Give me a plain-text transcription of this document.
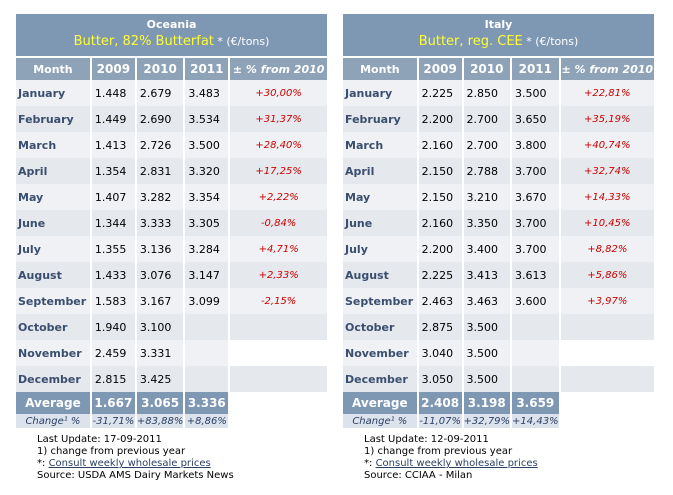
Oceania
Butter, 82% Butterfat * (€/tons)
Month	2009	2010	2011	± % from 2010
January	1.448	2.679	3.483	+30,00%
February	1.449	2.690	3.534	+31,37%
March	1.413	2.726	3.500	+28,40%
April	1.354	2.831	3.320	+17,25%
May	1.407	3.282	3.354	+2,22%
June	1.344	3.333	3.305	-0,84%
July	1.355	3.136	3.284	+4,71%
August	1.433	3.076	3.147	+2,33%
September	1.583	3.167	3.099	-2,15%
October	1.940	3.100		
November	2.459	3.331		
December	2.815	3.425		
Average	1.667	3.065	3.336	
Change¹ %	-31,71%	+83,88%	+8,86%	
Last Update: 17-09-2011
1) change from previous year
*: Consult weekly wholesale prices
Source: USDA AMS Dairy Markets News
Italy
Butter, reg. CEE * (€/tons)
Month	2009	2010	2011	± % from 2010
January	2.225	2.850	3.500	+22,81%
February	2.200	2.700	3.650	+35,19%
March	2.160	2.700	3.800	+40,74%
April	2.150	2.788	3.700	+32,74%
May	2.150	3.210	3.670	+14,33%
June	2.160	3.350	3.700	+10,45%
July	2.200	3.400	3.700	+8,82%
August	2.225	3.413	3.613	+5,86%
September	2.463	3.463	3.600	+3,97%
October	2.875	3.500		
November	3.040	3.500		
December	3.050	3.500		
Average	2.408	3.198	3.659	
Change¹ %	-11,07%	+32,79%	+14,43%	
Last Update: 12-09-2011
1) change from previous year
*: Consult weekly wholesale prices
Source: CCIAA - Milan
